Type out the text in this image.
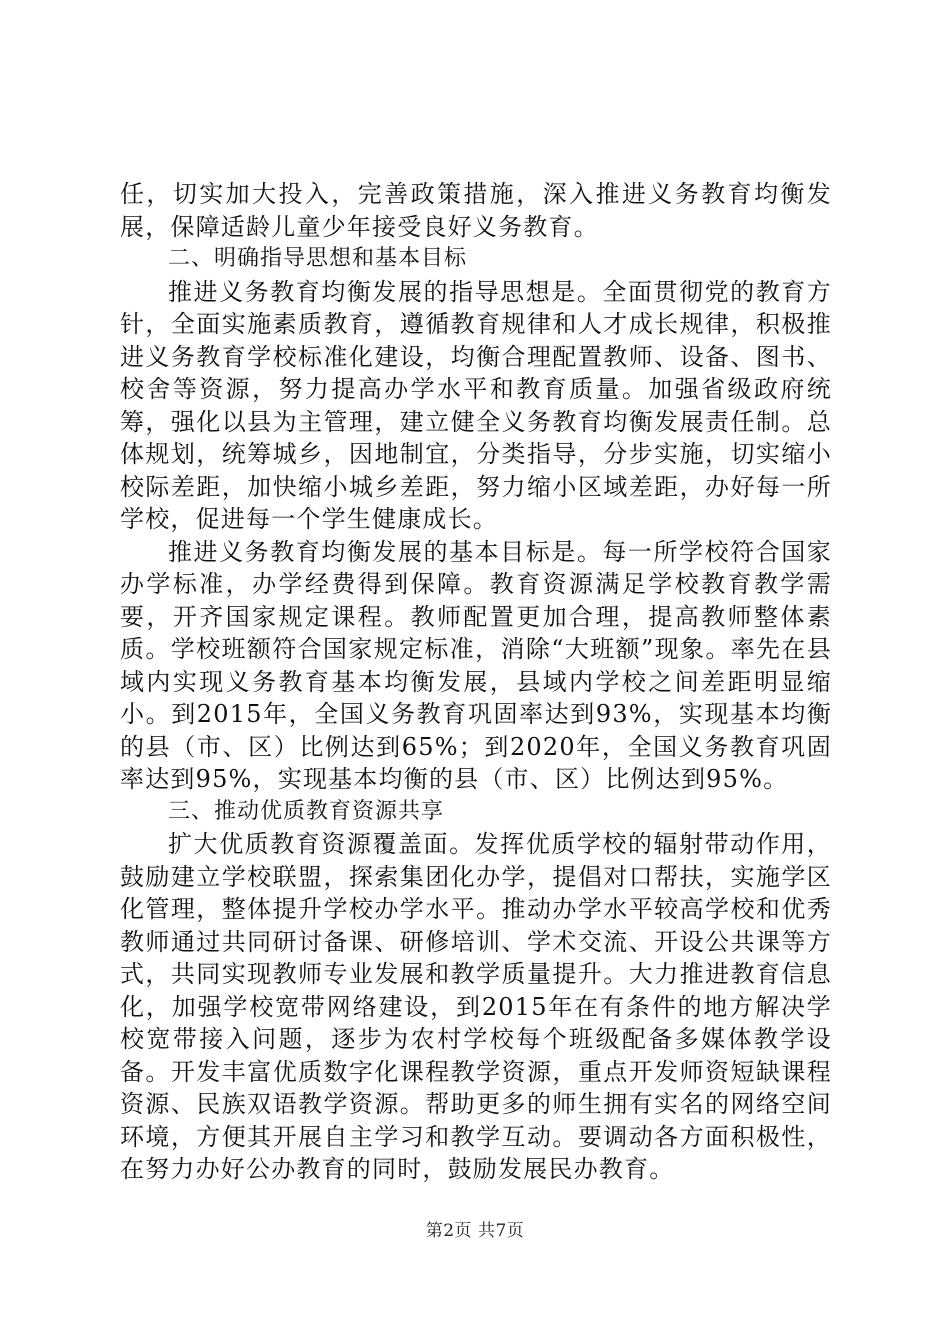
任，切实加大投入，完善政策措施，深入推进义务教育均衡发展，保障适龄儿童少年接受良好义务教育。

二、明确指导思想和基本目标

推进义务教育均衡发展的指导思想是。全面贯彻党的教育方针，全面实施素质教育，遵循教育规律和人才成长规律，积极推进义务教育学校标准化建设，均衡合理配置教师、设备、图书、校舍等资源，努力提高办学水平和教育质量。加强省级政府统筹，强化以县为主管理，建立健全义务教育均衡发展责任制。总体规划，统筹城乡，因地制宜，分类指导，分步实施，切实缩小校际差距，加快缩小城乡差距，努力缩小区域差距，办好每一所学校，促进每一个学生健康成长。

推进义务教育均衡发展的基本目标是。每一所学校符合国家办学标准，办学经费得到保障。教育资源满足学校教育教学需要，开齐国家规定课程。教师配置更加合理，提高教师整体素质。学校班额符合国家规定标准，消除“大班额”现象。率先在县域内实现义务教育基本均衡发展，县域内学校之间差距明显缩小。到2015年，全国义务教育巩固率达到93%，实现基本均衡的县（市、区）比例达到65%；到2020年，全国义务教育巩固率达到95%，实现基本均衡的县（市、区）比例达到95%。

三、推动优质教育资源共享

扩大优质教育资源覆盖面。发挥优质学校的辐射带动作用，鼓励建立学校联盟，探索集团化办学，提倡对口帮扶，实施学区化管理，整体提升学校办学水平。推动办学水平较高学校和优秀教师通过共同研讨备课、研修培训、学术交流、开设公共课等方式，共同实现教师专业发展和教学质量提升。大力推进教育信息化，加强学校宽带网络建设，到2015年在有条件的地方解决学校宽带接入问题，逐步为农村学校每个班级配备多媒体教学设备。开发丰富优质数字化课程教学资源，重点开发师资短缺课程资源、民族双语教学资源。帮助更多的师生拥有实名的网络空间环境，方便其开展自主学习和教学互动。要调动各方面积极性，在努力办好公办教育的同时，鼓励发展民办教育。

第2页 共7页
